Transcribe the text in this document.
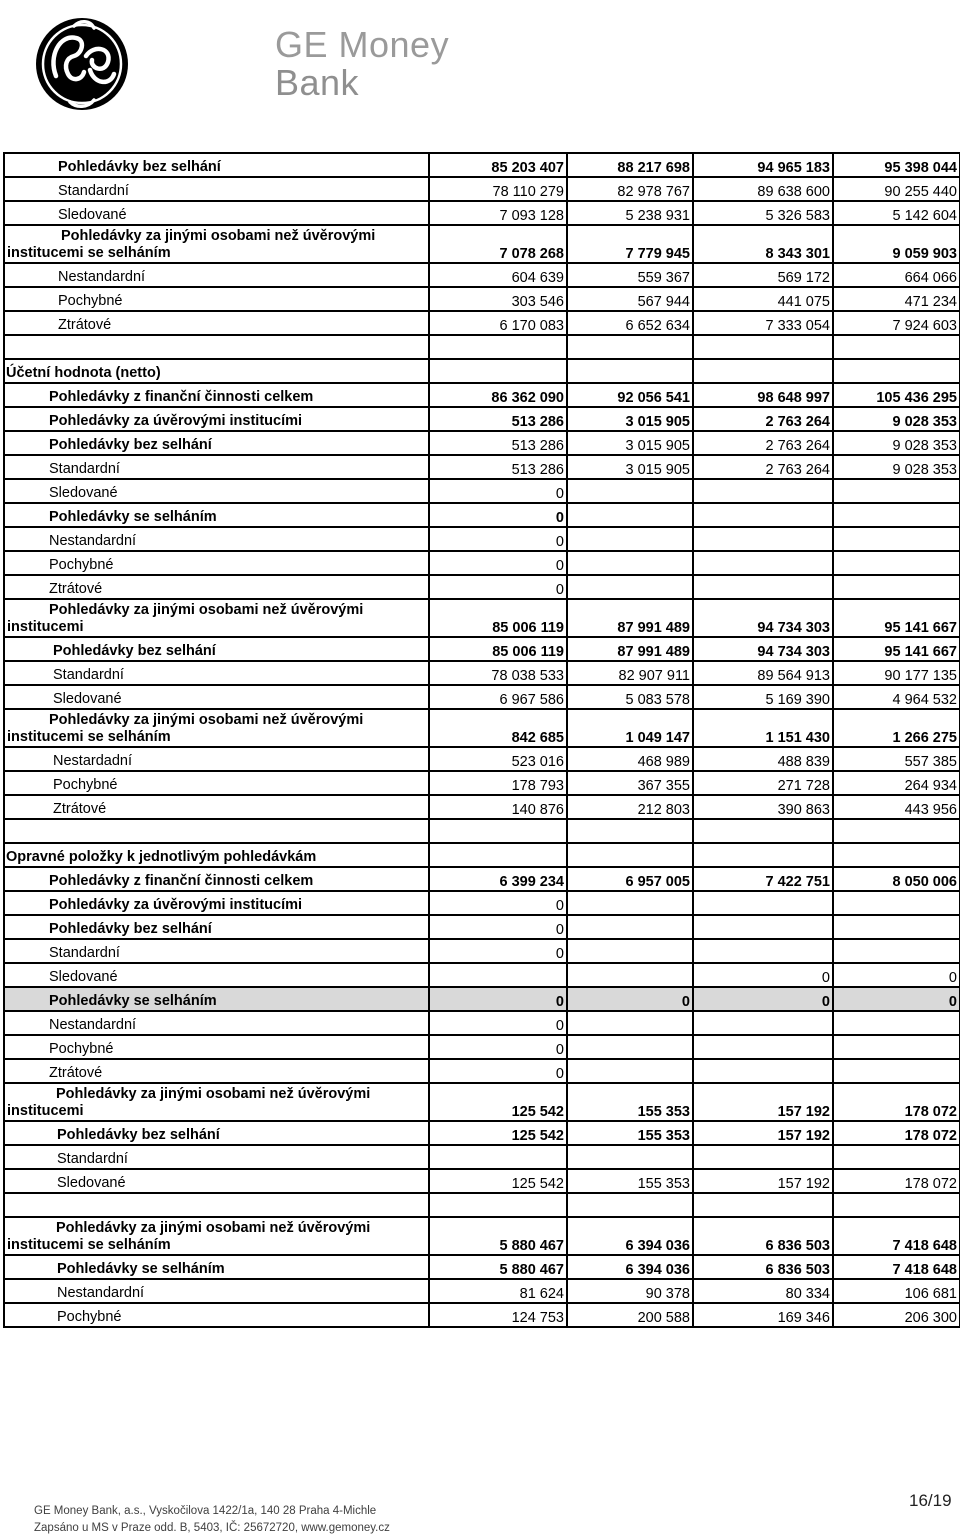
GE Money
Bank
Pohledávky bez selhání	85 203 407	88 217 698	94 965 183	95 398 044
Standardní	78 110 279	82 978 767	89 638 600	90 255 440
Sledované	7 093 128	5 238 931	5 326 583	5 142 604

Pohledávky za jinými osobami než úvěrovými
institucemi se selháním	7 078 268	7 779 945	8 343 301	9 059 903
Nestandardní	604 639	559 367	569 172	664 066
Pochybné	303 546	567 944	441 075	471 234
Ztrátové	6 170 083	6 652 634	7 333 054	7 924 603

Účetní hodnota (netto)				
Pohledávky z finanční činnosti celkem	86 362 090	92 056 541	98 648 997	105 436 295
Pohledávky za úvěrovými institucími	513 286	3 015 905	2 763 264	9 028 353
Pohledávky bez selhání	513 286	3 015 905	2 763 264	9 028 353
Standardní	513 286	3 015 905	2 763 264	9 028 353
Sledované	0			
Pohledávky se selháním	0			
Nestandardní	0			
Pochybné	0			
Ztrátové	0			

Pohledávky za jinými osobami než úvěrovými
institucemi	85 006 119	87 991 489	94 734 303	95 141 667
Pohledávky bez selhání	85 006 119	87 991 489	94 734 303	95 141 667
Standardní	78 038 533	82 907 911	89 564 913	90 177 135
Sledované	6 967 586	5 083 578	5 169 390	4 964 532

Pohledávky za jinými osobami než úvěrovými
institucemi se selháním	842 685	1 049 147	1 151 430	1 266 275
Nestardadní	523 016	468 989	488 839	557 385
Pochybné	178 793	367 355	271 728	264 934
Ztrátové	140 876	212 803	390 863	443 956

Opravné položky k jednotlivým pohledávkám				
Pohledávky z finanční činnosti celkem	6 399 234	6 957 005	7 422 751	8 050 006
Pohledávky za úvěrovými institucími	0			
Pohledávky bez selhání	0			
Standardní	0			
Sledované			0	0
Pohledávky se selháním	0	0	0	0
Nestandardní	0			
Pochybné	0			
Ztrátové	0			

Pohledávky za jinými osobami než úvěrovými
institucemi	125 542	155 353	157 192	178 072
Pohledávky bez selhání	125 542	155 353	157 192	178 072
Standardní				
Sledované	125 542	155 353	157 192	178 072

Pohledávky za jinými osobami než úvěrovými
institucemi se selháním	5 880 467	6 394 036	6 836 503	7 418 648
Pohledávky se selháním	5 880 467	6 394 036	6 836 503	7 418 648
Nestandardní	81 624	90 378	80 334	106 681
Pochybné	124 753	200 588	169 346	206 300
GE Money Bank, a.s., Vyskočilova 1422/1a, 140 28 Praha 4-Michle
Zapsáno u MS v Praze odd. B, 5403, IČ: 25672720, www.gemoney.cz
16/19
